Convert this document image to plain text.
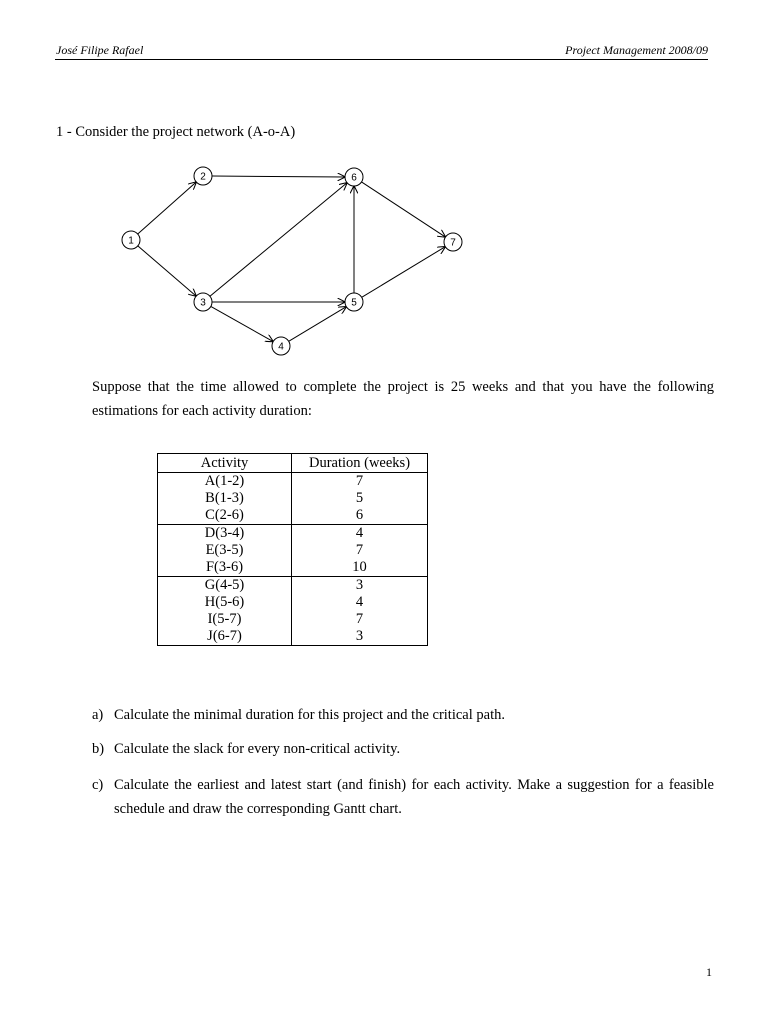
José Filipe Rafael	Project Management 2008/09
1 - Consider the project network (A-o-A)
1
2
3
4
5
6
7
Suppose that the time allowed to complete the project is 25 weeks and that you have the following estimations for each activity duration:
Activity	Duration (weeks)
A(1-2)	7
B(1-3)	5
C(2-6)	6
D(3-4)	4
E(3-5)	7
F(3-6)	10
G(4-5)	3
H(5-6)	4
I(5-7)	7
J(6-7)	3
a) Calculate the minimal duration for this project and the critical path.
b) Calculate the slack for every non-critical activity.
c) Calculate the earliest and latest start (and finish) for each activity. Make a suggestion for a feasible schedule and draw the corresponding Gantt chart.
1
